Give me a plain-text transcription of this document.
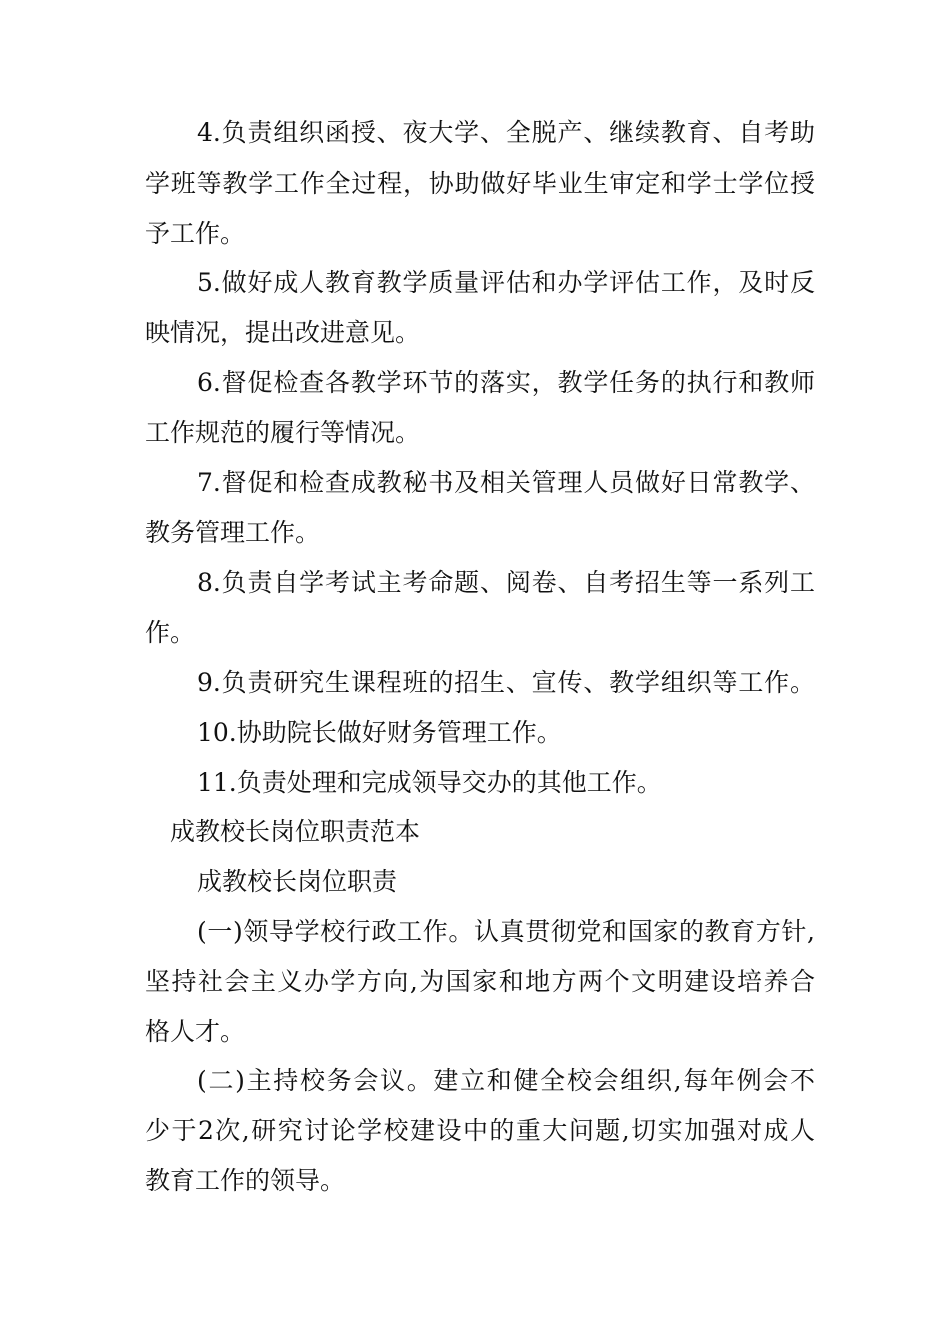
4.负责组织函授、夜大学、全脱产、继续教育、自考助
学班等教学工作全过程，协助做好毕业生审定和学士学位授
予工作。
5.做好成人教育教学质量评估和办学评估工作，及时反
映情况，提出改进意见。
6.督促检查各教学环节的落实，教学任务的执行和教师
工作规范的履行等情况。
7.督促和检查成教秘书及相关管理人员做好日常教学、
教务管理工作。
8.负责自学考试主考命题、阅卷、自考招生等一系列工
作。
9.负责研究生课程班的招生、宣传、教学组织等工作。
10.协助院长做好财务管理工作。
11.负责处理和完成领导交办的其他工作。
成教校长岗位职责范本
成教校长岗位职责
(一)领导学校行政工作。认真贯彻党和国家的教育方针,
坚持社会主义办学方向,为国家和地方两个文明建设培养合
格人才。
(二)主持校务会议。建立和健全校会组织,每年例会不
少于2次,研究讨论学校建设中的重大问题,切实加强对成人
教育工作的领导。
